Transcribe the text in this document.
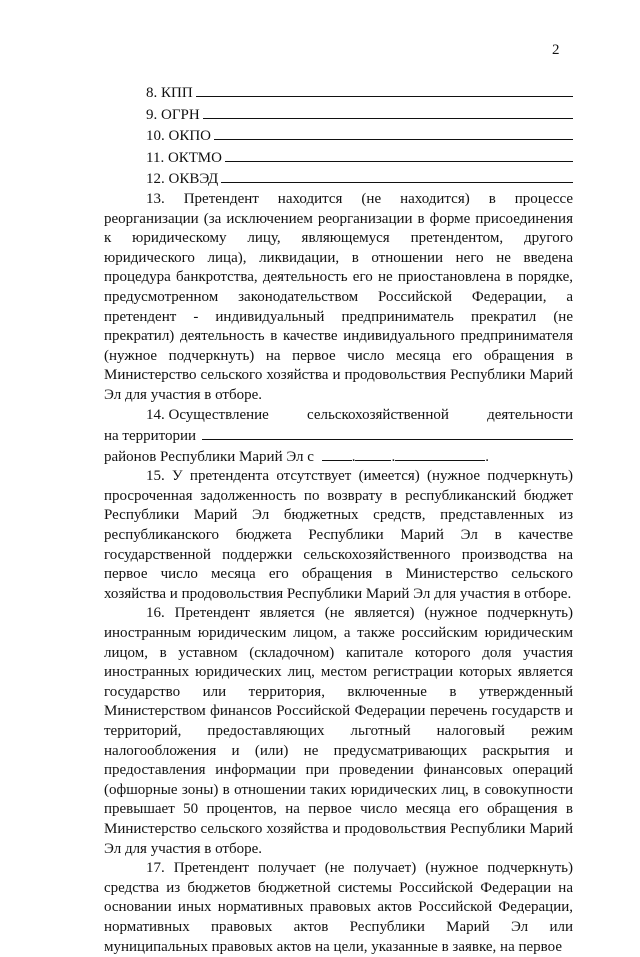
2
8. КПП
9. ОГРН
10. ОКПО
11. ОКТМО
12. ОКВЭД
13. Претендент находится (не находится) в процессе реорганизации (за исключением реорганизации в форме присоединения к юридическому лицу, являющемуся претендентом, другого юридического лица), ликвидации, в отношении него не введена процедура банкротства, деятельность его не приостановлена в порядке, предусмотренном законодательством Российской Федерации, а претендент - индивидуальный предприниматель прекратил (не прекратил) деятельность в качестве индивидуального предпринимателя (нужное подчеркнуть) на первое число месяца его обращения в Министерство сельского хозяйства и продовольствия Республики Марий Эл для участия в отборе.
14. Осуществление	сельскохозяйственной	деятельности
на территории
районов Республики Марий Эл с	. .	.
15. У претендента отсутствует (имеется) (нужное подчеркнуть) просроченная задолженность по возврату в республиканский бюджет Республики Марий Эл бюджетных средств, представленных из республиканского бюджета Республики Марий Эл в качестве государственной поддержки сельскохозяйственного производства на первое число месяца его обращения в Министерство сельского хозяйства и продовольствия Республики Марий Эл для участия в отборе.
16. Претендент является (не является) (нужное подчеркнуть) иностранным юридическим лицом, а также российским юридическим лицом, в уставном (складочном) капитале которого доля участия иностранных юридических лиц, местом регистрации которых является государство или территория, включенные в утвержденный Министерством финансов Российской Федерации перечень государств и территорий, предоставляющих льготный налоговый режим налогообложения и (или) не предусматривающих раскрытия и предоставления информации при проведении финансовых операций (офшорные зоны) в отношении таких юридических лиц, в совокупности превышает 50 процентов, на первое число месяца его обращения в Министерство сельского хозяйства и продовольствия Республики Марий Эл для участия в отборе.
17. Претендент получает (не получает) (нужное подчеркнуть) средства из бюджетов бюджетной системы Российской Федерации на основании иных нормативных правовых актов Российской Федерации, нормативных правовых актов Республики Марий Эл или муниципальных правовых актов на цели, указанные в заявке, на первое
